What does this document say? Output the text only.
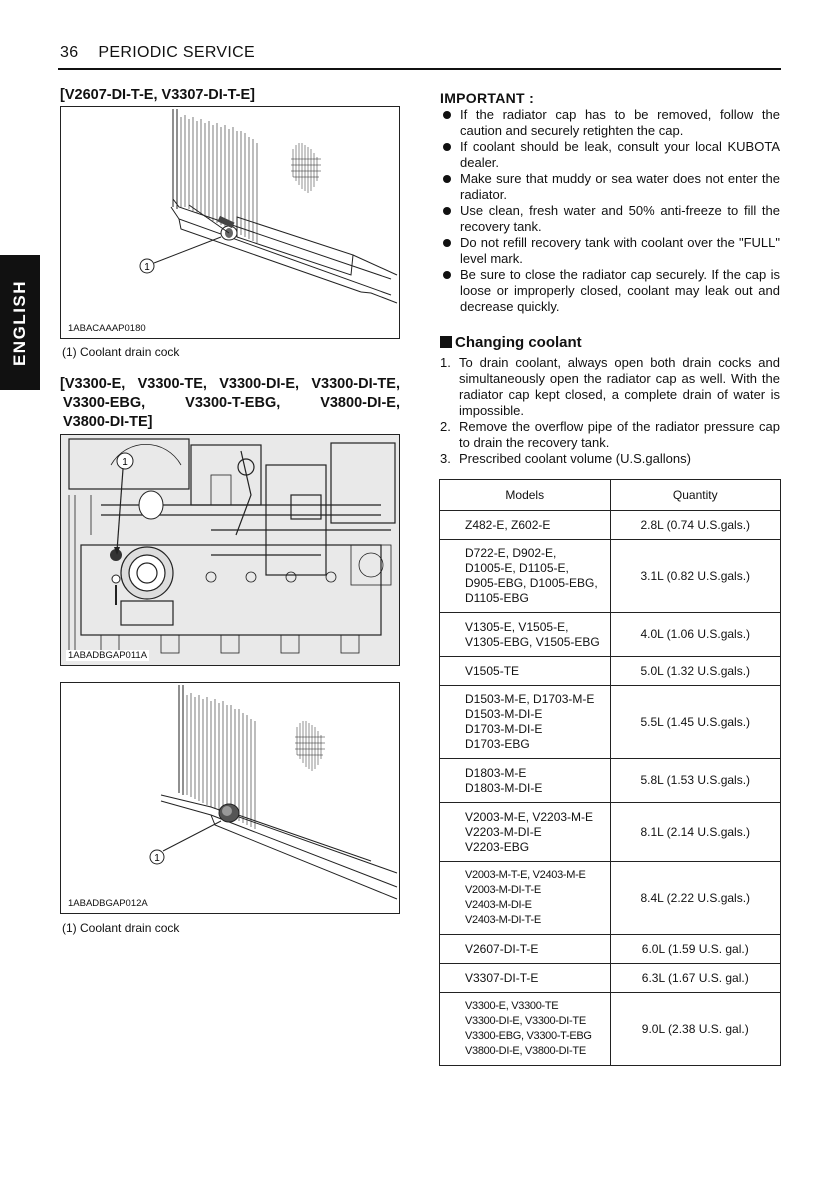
36 PERIODIC SERVICE
ENGLISH
[V2607-DI-T-E, V3307-DI-T-E]
1
1ABACAAAP0180
(1) Coolant drain cock
[V3300-E, V3300-TE, V3300-DI-E, V3300-DI-TE,
V3300-EBG, V3300-T-EBG, V3800-DI-E,
V3800-DI-TE]
1
1ABADBGAP011A
1
1ABADBGAP012A
(1) Coolant drain cock
IMPORTANT :
If the radiator cap has to be removed, follow the caution and securely retighten the cap.
If coolant should be leak, consult your local KUBOTA dealer.
Make sure that muddy or sea water does not enter the radiator.
Use clean, fresh water and 50% anti-freeze to fill the recovery tank.
Do not refill recovery tank with coolant over the "FULL" level mark.
Be sure to close the radiator cap securely. If the cap is loose or improperly closed, coolant may leak out and decrease quickly.
Changing coolant
1. To drain coolant, always open both drain cocks and simultaneously open the radiator cap as well. With the radiator cap kept closed, a complete drain of water is impossible.
2. Remove the overflow pipe of the radiator pressure cap to drain the recovery tank.
3. Prescribed coolant volume (U.S.gallons)
Models	Quantity

Z482-E, Z602-E	2.8L (0.74 U.S.gals.)

D722-E, D902-E,
D1005-E, D1105-E,
D905-EBG, D1005-EBG,
D1105-EBG	3.1L (0.82 U.S.gals.)

V1305-E, V1505-E,
V1305-EBG, V1505-EBG	4.0L (1.06 U.S.gals.)

V1505-TE	5.0L (1.32 U.S.gals.)

D1503-M-E, D1703-M-E
D1503-M-DI-E
D1703-M-DI-E
D1703-EBG	5.5L (1.45 U.S.gals.)

D1803-M-E
D1803-M-DI-E	5.8L (1.53 U.S.gals.)

V2003-M-E, V2203-M-E
V2203-M-DI-E
V2203-EBG	8.1L (2.14 U.S.gals.)

V2003-M-T-E, V2403-M-E
V2003-M-DI-T-E
V2403-M-DI-E
V2403-M-DI-T-E	8.4L (2.22 U.S.gals.)

V2607-DI-T-E	6.0L (1.59 U.S. gal.)

V3307-DI-T-E	6.3L (1.67 U.S. gal.)

V3300-E, V3300-TE
V3300-DI-E, V3300-DI-TE
V3300-EBG, V3300-T-EBG
V3800-DI-E, V3800-DI-TE	9.0L (2.38 U.S. gal.)
